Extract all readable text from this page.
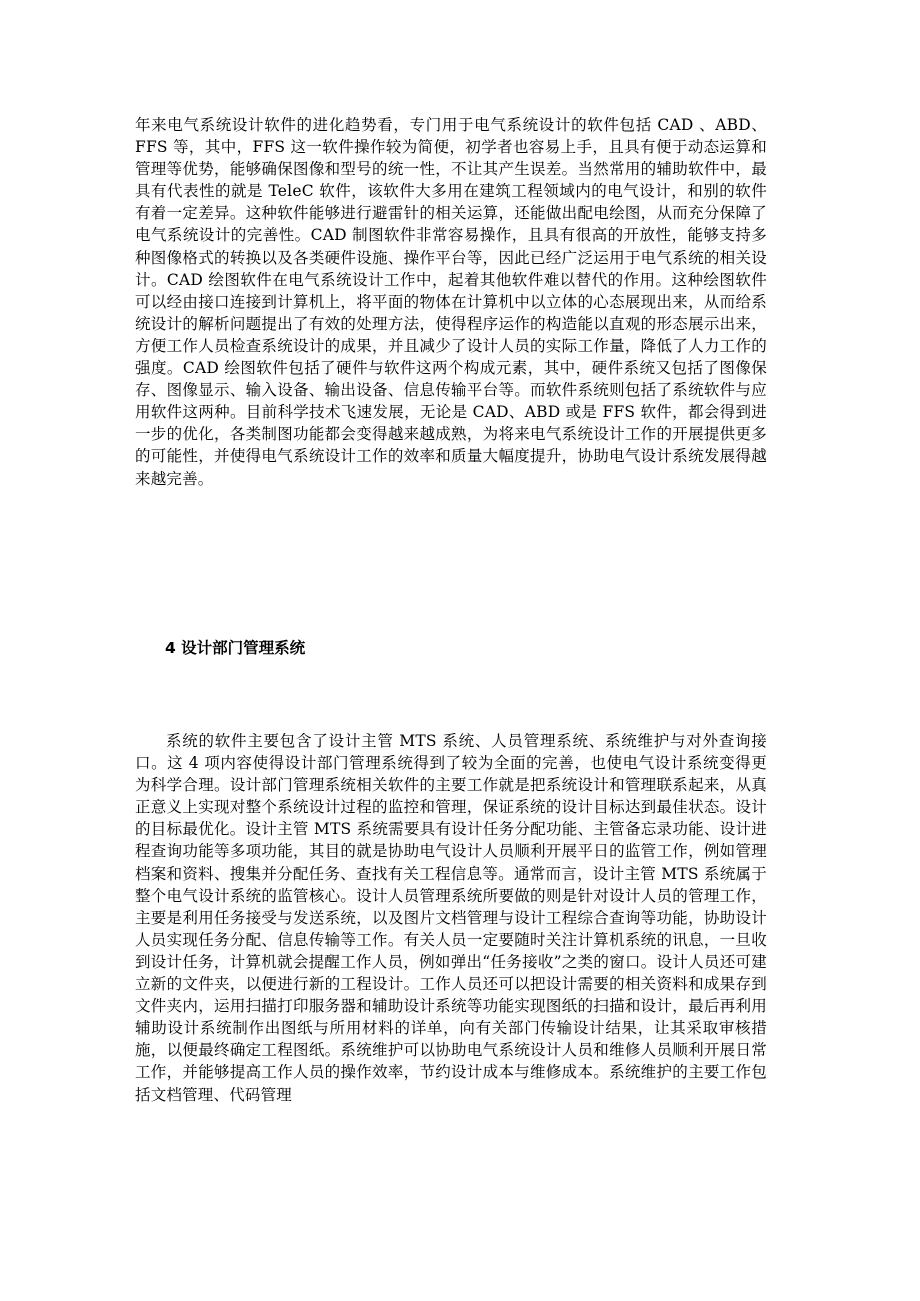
年来电气系统设计软件的进化趋势看，专门用于电气系统设计的软件包括 CAD 、ABD、FFS 等，其中，FFS 这一软件操作较为简便，初学者也容易上手，且具有便于动态运算和管理等优势，能够确保图像和型号的统一性，不让其产生误差。当然常用的辅助软件中，最具有代表性的就是 TeleC 软件，该软件大多用在建筑工程领域内的电气设计，和别的软件有着一定差异。这种软件能够进行避雷针的相关运算，还能做出配电绘图，从而充分保障了电气系统设计的完善性。CAD 制图软件非常容易操作，且具有很高的开放性，能够支持多种图像格式的转换以及各类硬件设施、操作平台等，因此已经广泛运用于电气系统的相关设计。CAD 绘图软件在电气系统设计工作中，起着其他软件难以替代的作用。这种绘图软件可以经由接口连接到计算机上，将平面的物体在计算机中以立体的心态展现出来，从而给系统设计的解析问题提出了有效的处理方法，使得程序运作的构造能以直观的形态展示出来，方便工作人员检查系统设计的成果，并且减少了设计人员的实际工作量，降低了人力工作的强度。CAD 绘图软件包括了硬件与软件这两个构成元素，其中，硬件系统又包括了图像保存、图像显示、输入设备、输出设备、信息传输平台等。而软件系统则包括了系统软件与应用软件这两种。目前科学技术飞速发展，无论是 CAD、ABD 或是 FFS 软件，都会得到进一步的优化，各类制图功能都会变得越来越成熟，为将来电气系统设计工作的开展提供更多的可能性，并使得电气系统设计工作的效率和质量大幅度提升，协助电气设计系统发展得越来越完善。

4 设计部门管理系统

系统的软件主要包含了设计主管 MTS 系统、人员管理系统、系统维护与对外查询接口。这 4 项内容使得设计部门管理系统得到了较为全面的完善，也使电气设计系统变得更为科学合理。设计部门管理系统相关软件的主要工作就是把系统设计和管理联系起来，从真正意义上实现对整个系统设计过程的监控和管理，保证系统的设计目标达到最佳状态。设计的目标最优化。设计主管 MTS 系统需要具有设计任务分配功能、主管备忘录功能、设计进程查询功能等多项功能，其目的就是协助电气设计人员顺利开展平日的监管工作，例如管理档案和资料、搜集并分配任务、查找有关工程信息等。通常而言，设计主管 MTS 系统属于整个电气设计系统的监管核心。设计人员管理系统所要做的则是针对设计人员的管理工作，主要是利用任务接受与发送系统，以及图片文档管理与设计工程综合查询等功能，协助设计人员实现任务分配、信息传输等工作。有关人员一定要随时关注计算机系统的讯息，一旦收到设计任务，计算机就会提醒工作人员，例如弹出“任务接收”之类的窗口。设计人员还可建立新的文件夹，以便进行新的工程设计。工作人员还可以把设计需要的相关资料和成果存到文件夹内，运用扫描打印服务器和辅助设计系统等功能实现图纸的扫描和设计，最后再利用辅助设计系统制作出图纸与所用材料的详单，向有关部门传输设计结果，让其采取审核措施，以便最终确定工程图纸。系统维护可以协助电气系统设计人员和维修人员顺利开展日常工作，并能够提高工作人员的操作效率，节约设计成本与维修成本。系统维护的主要工作包括文档管理、代码管理
